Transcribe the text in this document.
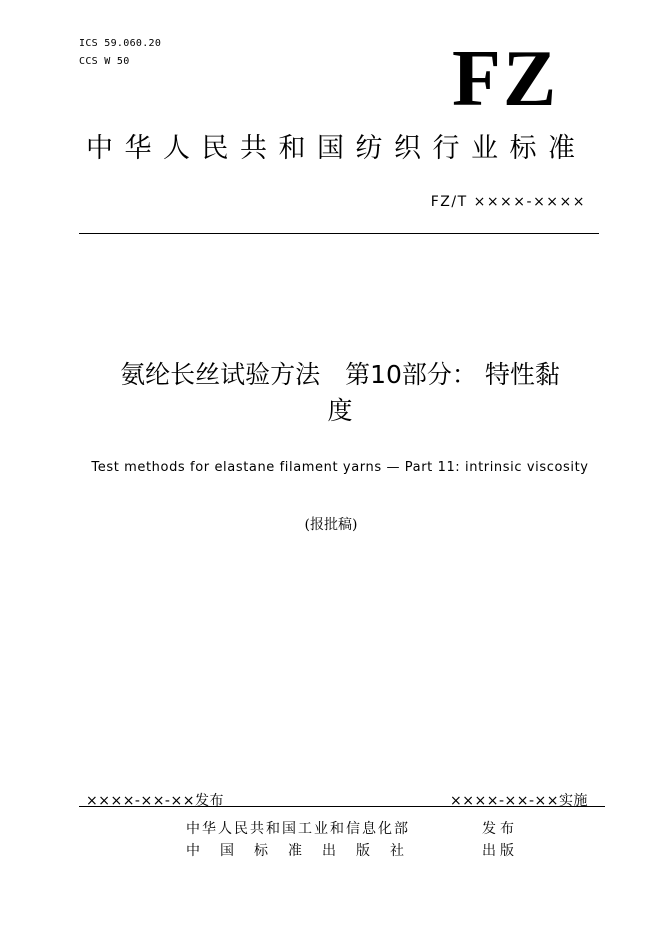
ICS 59.060.20
CCS W 50	FZ
中华人民共和国纺织行业标准
FZ/T ××××-××××
氨纶长丝试验方法　第10部分： 特性黏
度
Test methods for elastane filament yarns — Part 11: intrinsic viscosity
(报批稿)
××××-××-××发布	××××-××-××实施
中华人民共和国工业和信息化部	发布
中国标准出版社	出版
